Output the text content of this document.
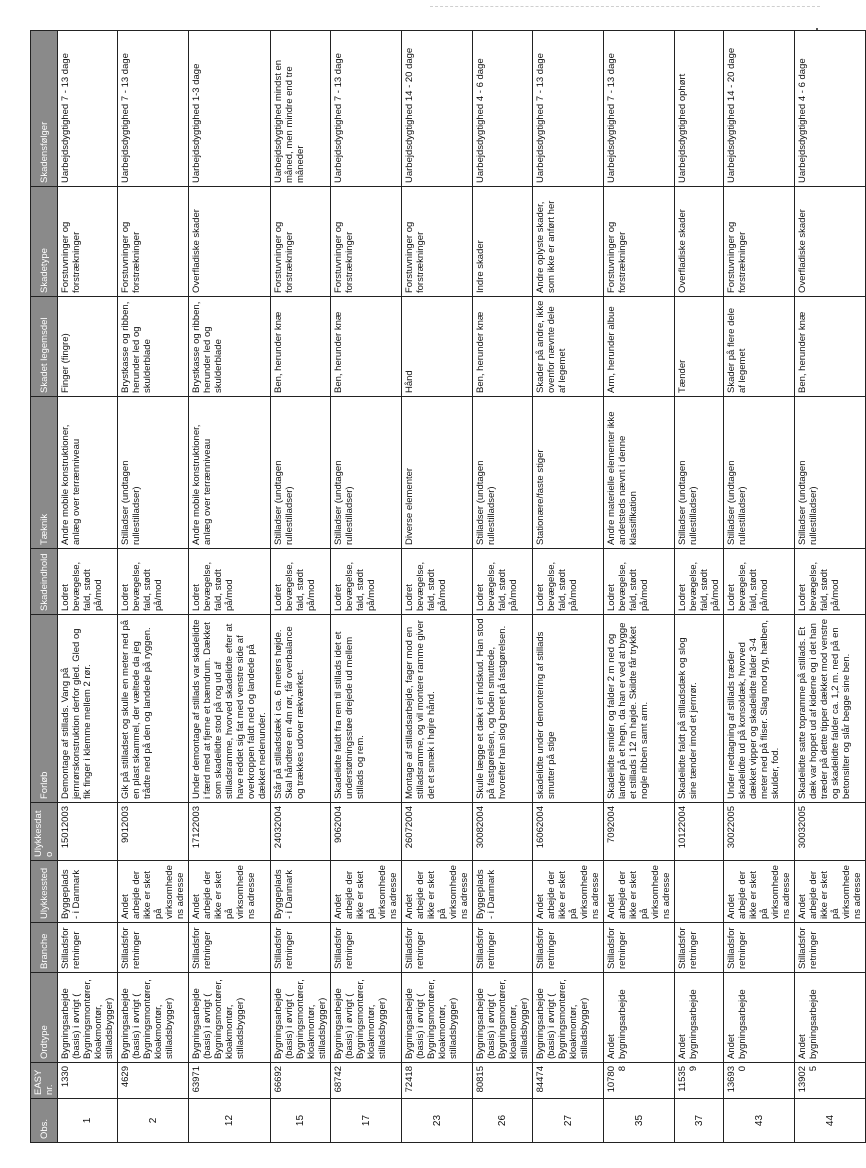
Obs.	EASY nr.	Ordtype	Branche	Ulykkessted	Ulykkesdato	Forløb	Skadeindhold	Tæknik	Skadet legemsdel	Skadetype	Skadensfølger
1	1330	Bygningsarbejde (basis) i øvrigt ( Bygningsmontører, kloakmontør, stilladsbygger)	Stilladsforretninger	Byggeplads - i Danmark	15012003	Demontage af stillads. Vang på jernrørskonstruktion derfor gled. Gled og fik finger i klemme mellem 2 rør.	Lodret bevægelse, fald, stødt på/mod	Andre mobile konstruktioner, anlæg over terrænniveau	Finger (fingre)	Forstuvninger og forstrækninger	Uarbejdsdygtighed 7 - 13 dage
2	4629	Bygningsarbejde (basis) i øvrigt ( Bygningsmontører, kloakmontør, stilladsbygger)	Stilladsforretninger	Andet arbejde der ikke er sket på virksomhedens adresse	9012003	Gik på stilladset og skulle en meter ned på en plast skammel, der væltede da jeg trådte ned på den og landede på ryggen.	Lodret bevægelse, fald, stødt på/mod	Stilladser (undtagen rullestilladser)	Brystkasse og ribben, herunder led og skulderblade	Forstuvninger og forstrækninger	Uarbejdsdygtighed 7 - 13 dage
12	63971	Bygningsarbejde (basis) i øvrigt ( Bygningsmontører, kloakmontør, stilladsbygger)	Stilladsforretninger	Andet arbejde der ikke er sket på virksomhedens adresse	17122003	Under demontage af stillads var skadelidte i færd med at fjerne et bæmdrum. Dækket som skadelidte stod på rog ud af stilladsramme, hvorved skadelidte efter at have reddet sig fat med venstre side af overkroppen faldt ned og landede på dækket nedenunder.	Lodret bevægelse, fald, stødt på/mod	Andre mobile konstruktioner, anlæg over terrænniveau	Brystkasse og ribben, herunder led og skulderblade	Overfladiske skader	Uarbejdsdygtighed 1-3 dage
15	66692	Bygningsarbejde (basis) i øvrigt ( Bygningsmontører, kloakmontør, stilladsbygger)	Stilladsforretninger	Byggeplads - i Danmark	24032004	Står på stilladsdæk i ca. 6 meters højde. Skal håndtere en 4m rør, får overbalance og trækkes udover rækværket.	Lodret bevægelse, fald, stødt på/mod	Stilladser (undtagen rullestilladser)	Ben, herunder knæ	Forstuvninger og forstrækninger	Uarbejdsdygtighed mindst en måned, men mindre end tre måneder
17	68742	Bygningsarbejde (basis) i øvrigt ( Bygningsmontører, kloakmontør, stilladsbygger)	Stilladsforretninger	Andet arbejde der ikke er sket på virksomhedens adresse	9062004	Skadelidte faldt fra rem til stillads idet et understøtningsstøe drejede ud mellem stillads og rem.	Lodret bevægelse, fald, stødt på/mod	Stilladser (undtagen rullestilladser)	Ben, herunder knæ	Forstuvninger og forstrækninger	Uarbejdsdygtighed 7 - 13 dage
23	72418	Bygningsarbejde (basis) i øvrigt ( Bygningsmontører, kloakmontør, stilladsbygger)	Stilladsforretninger	Andet arbejde der ikke er sket på virksomhedens adresse	26072004	Montage af stilladsarbejde, fager mod en stilladsramme, og vil montere ramme giver det et smæk i højre hånd.	Lodret bevægelse, fald, stødt på/mod	Diverse elementer	Hånd	Forstuvninger og forstrækninger	Uarbejdsdygtighed 14 - 20 dage
26	80815	Bygningsarbejde (basis) i øvrigt ( Bygningsmontører, kloakmontør, stilladsbygger)	Stilladsforretninger	Byggeplads - i Danmark	30082004	Skulle lægge et dæk i et indskud. Han stod på fastgørelsen, og foden smuttede, hvorefter han slog benet på fastgørelsen.	Lodret bevægelse, fald, stødt på/mod	Stilladser (undtagen rullestilladser)	Ben, herunder knæ	Indre skader	Uarbejdsdygtighed 4 - 6 dage
27	84474	Bygningsarbejde (basis) i øvrigt ( Bygningsmontører, kloakmontør, stilladsbygger)	Stilladsforretninger	Andet arbejde der ikke er sket på virksomhedens adresse	16062004	skadelidte under demontering af stillads smutter på stige	Lodret bevægelse, fald, stødt på/mod	Stationære/faste stiger	Skader på andre, ikke ovenfor nævnte dele af legemet	Andre oplyste skader, som ikke er anført her	Uarbejdsdygtighed 7 - 13 dage
35	107808	Andet bygningsarbejde	Stilladsforretninger	Andet arbejde der ikke er sket på virksomhedens adresse	7092004	Skadelidte smider og falder 2 m ned og lander på et hegn, da han er ved at bygge et stillads i 12 m højde. Skildte får trykket nogle ribben samt arm.	Lodret bevægelse, fald, stødt på/mod	Andre materielle elementer ikke andetsteds nævnt i denne klassifikation	Arm, herunder albue	Forstuvninger og forstrækninger	Uarbejdsdygtighed 7 - 13 dage
37	115359	Andet bygningsarbejde	Stilladsforretninger		10122004	Skadelidte faldt på stilladsdæk og slog sine tænder imod et jernrør.	Lodret bevægelse, fald, stødt på/mod	Stilladser (undtagen rullestilladser)	Tænder	Overfladiske skader	Uarbejdsdygtighed ophørt
43	136930	Andet bygningsarbejde	Stilladsforretninger	Andet arbejde der ikke er sket på virksomhedens adresse	30022005	Under nedtagning af stillads træder skadelidte ud på konsoldæk, hvorved dækket vipper og skadelidte falder 3-4 meter ned på fliser. Slag mod ryg, hælben, skulder, fod.	Lodret bevægelse, fald, stødt på/mod	Stilladser (undtagen rullestilladser)	Skader på flere dele af legemet	Forstuvninger og forstrækninger	Uarbejdsdygtighed 14 - 20 dage
44	139025	Andet bygningsarbejde	Stilladsforretninger	Andet arbejde der ikke er sket på virksomhedens adresse	30032005	Skadelidte satte topramme på stillads. Et dæk var hoppet ud af kiderne og i det han træder på dette tipper dækket mod venstre og skadelidte falder ca. 1,2 m. ned på en betonsilter og slår begge sine ben.	Lodret bevægelse, fald, stødt på/mod	Stilladser (undtagen rullestilladser)	Ben, herunder knæ	Overfladiske skader	Uarbejdsdygtighed 4 - 6 dage
